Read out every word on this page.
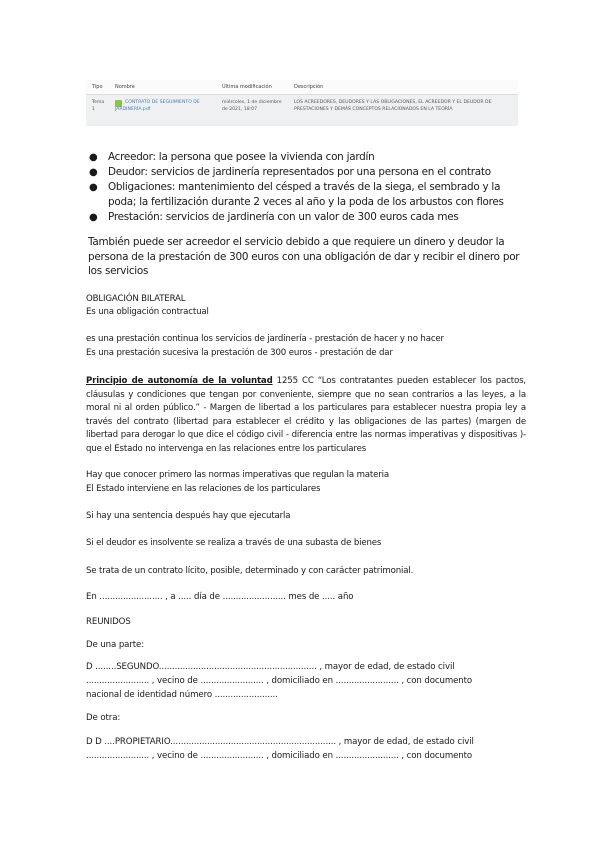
Tipo Nombre	Última modificación	Descripción
Tema 1
CONTRATO DE SEGUIMIENTO DE JARDINERÍA.pdf
miércoles, 1 de diciembre de 2021, 18:07
LOS ACREEDORES, DEUDORES Y LAS OBLIGACIONES, EL ACREEDOR Y EL DEUDOR DE PRESTACIONES Y DEMÁS CONCEPTOS RELACIONADOS EN LA TEORÍA
● Acreedor: la persona que posee la vivienda con jardín
● Deudor: servicios de jardinería representados por una persona en el contrato
● Obligaciones: mantenimiento del césped a través de la siega, el sembrado y la poda; la fertilización durante 2 veces al año y la poda de los arbustos con flores
● Prestación: servicios de jardinería con un valor de 300 euros cada mes

También puede ser acreedor el servicio debido a que requiere un dinero y deudor la persona de la prestación de 300 euros con una obligación de dar y recibir el dinero por los servicios

OBLIGACIÓN BILATERAL

Es una obligación contractual

es una prestación continua los servicios de jardinería - prestación de hacer y no hacer

Es una prestación sucesiva la prestación de 300 euros - prestación de dar

Principio de autonomía de la voluntad 1255 CC “Los contratantes pueden establecer los pactos, cláusulas y condiciones que tengan por conveniente, siempre que no sean contrarios a las leyes, a la moral ni al orden público.” - Margen de libertad a los particulares para establecer nuestra propia ley a través del contrato (libertad para establecer el crédito y las obligaciones de las partes) (margen de libertad para derogar lo que dice el código civil - diferencia entre las normas imperativas y dispositivas )- que el Estado no intervenga en las relaciones entre los particulares

Hay que conocer primero las normas imperativas que regulan la materia

El Estado interviene en las relaciones de los particulares

Si hay una sentencia después hay que ejecutarla

Si el deudor es insolvente se realiza a través de una subasta de bienes

Se trata de un contrato lícito, posible, determinado y con carácter patrimonial.

En ........................ , a ..... día de ........................ mes de ..... año

REUNIDOS

De una parte:

D ........SEGUNDO............................................................ , mayor de edad, de estado civil

........................ , vecino de ........................ , domiciliado en ........................ , con documento

nacional de identidad número ........................

De otra:

D D ....PROPIETARIO............................................................... , mayor de edad, de estado civil

........................ , vecino de ........................ , domiciliado en ........................ , con documento
